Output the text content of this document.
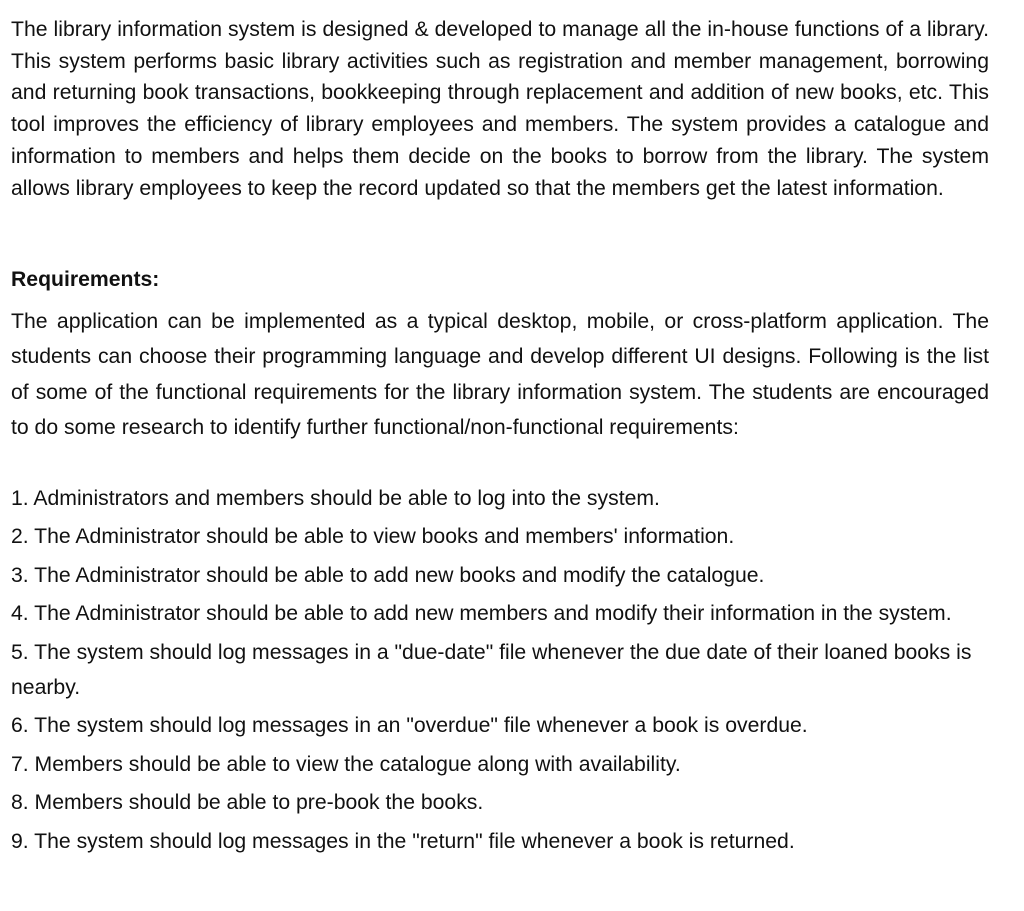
The library information system is designed & developed to manage all the in-house functions of a library. This system performs basic library activities such as registration and member management, borrowing and returning book transactions, bookkeeping through replacement and addition of new books, etc. This tool improves the efficiency of library employees and members. The system provides a catalogue and information to members and helps them decide on the books to borrow from the library. The system allows library employees to keep the record updated so that the members get the latest information.

Requirements:

The application can be implemented as a typical desktop, mobile, or cross-platform application. The students can choose their programming language and develop different UI designs. Following is the list of some of the functional requirements for the library information system. The students are encouraged to do some research to identify further functional/non-functional requirements:

1. Administrators and members should be able to log into the system.
2. The Administrator should be able to view books and members' information.
3. The Administrator should be able to add new books and modify the catalogue.
4. The Administrator should be able to add new members and modify their information in the system.
5. The system should log messages in a "due-date" file whenever the due date of their loaned books is nearby.
6. The system should log messages in an "overdue" file whenever a book is overdue.
7. Members should be able to view the catalogue along with availability.
8. Members should be able to pre-book the books.
9. The system should log messages in the "return" file whenever a book is returned.
